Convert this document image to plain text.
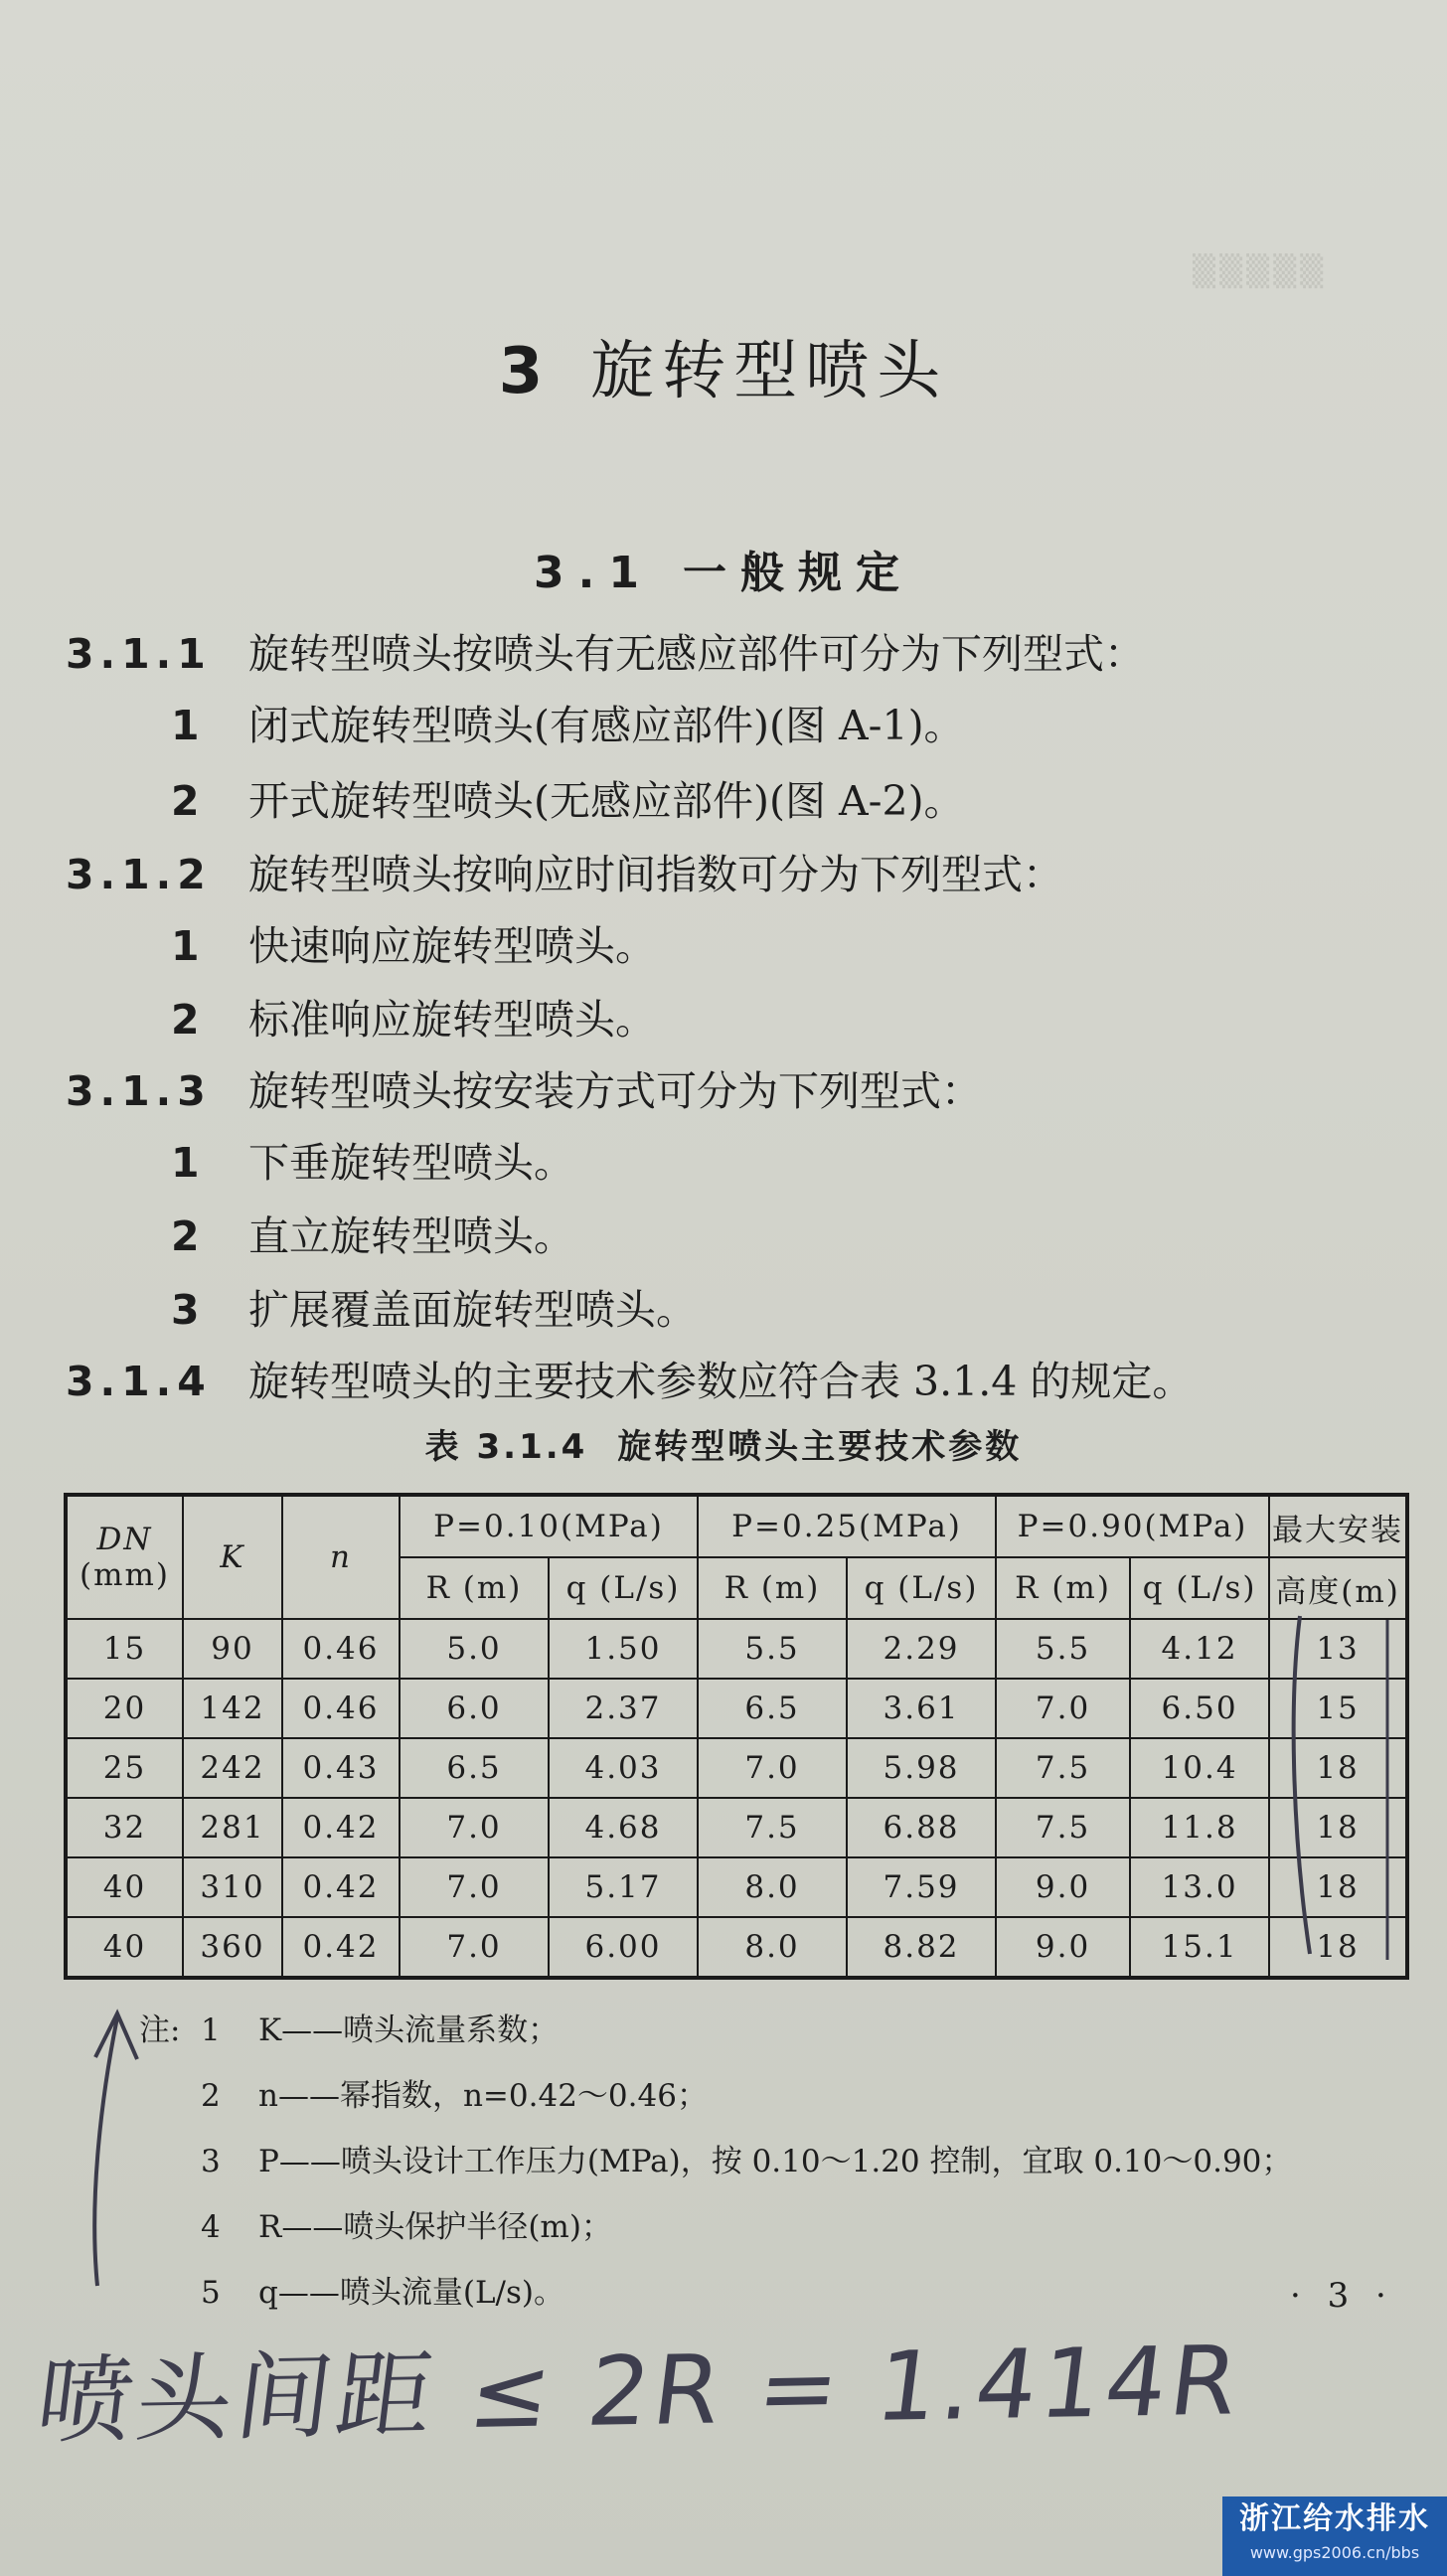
▒▒▒▒▒
3 旋转型喷头
3.1 一般规定
3.1.1 旋转型喷头按喷头有无感应部件可分为下列型式：
1 闭式旋转型喷头(有感应部件)(图 A-1)。
2 开式旋转型喷头(无感应部件)(图 A-2)。
3.1.2 旋转型喷头按响应时间指数可分为下列型式：
1 快速响应旋转型喷头。
2 标准响应旋转型喷头。
3.1.3 旋转型喷头按安装方式可分为下列型式：
1 下垂旋转型喷头。
2 直立旋转型喷头。
3 扩展覆盖面旋转型喷头。
3.1.4 旋转型喷头的主要技术参数应符合表 3.1.4 的规定。
表 3.1.4 旋转型喷头主要技术参数
DN
(mm)	K	n	P=0.10(MPa)		P=0.25(MPa)		P=0.90(MPa)		最大安装
			R (m)	q (L/s)	R (m)	q (L/s)	R (m)	q (L/s)	高度(m)
15	90	0.46	5.0	1.50	5.5	2.29	5.5	4.12	13
20	142	0.46	6.0	2.37	6.5	3.61	7.0	6.50	15
25	242	0.43	6.5	4.03	7.0	5.98	7.5	10.4	18
32	281	0.42	7.0	4.68	7.5	6.88	7.5	11.8	18
40	310	0.42	7.0	5.17	8.0	7.59	9.0	13.0	18
40	360	0.42	7.0	6.00	8.0	8.82	9.0	15.1	18
注: 1 K——喷头流量系数；
2 n——幂指数，n=0.42～0.46；
3 P——喷头设计工作压力(MPa)，按 0.10～1.20 控制，宜取 0.10～0.90；
4 R——喷头保护半径(m)；
5 q——喷头流量(L/s)。	· 3 ·
喷头间距 ≤ 2R = 1.414R
浙江给水排水
www.gps2006.cn/bbs
